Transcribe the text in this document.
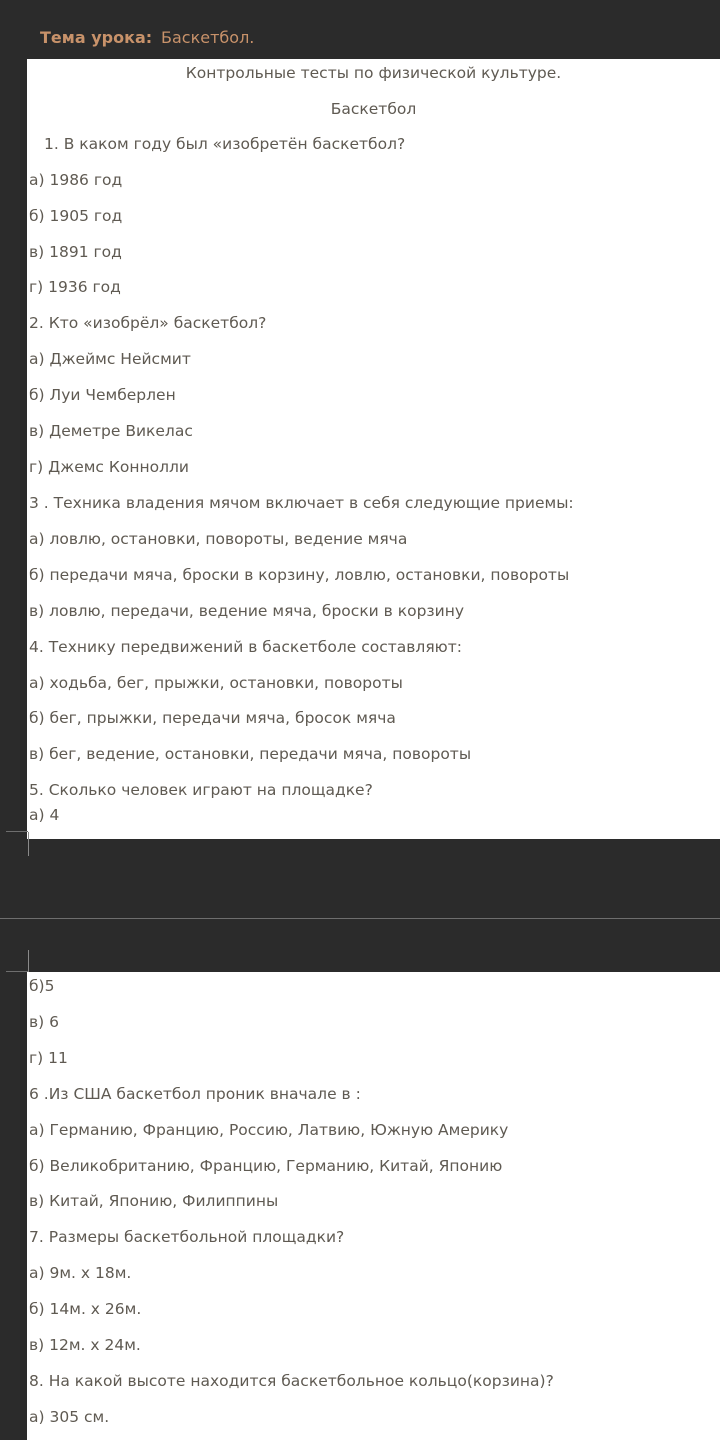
Тема урока: Баскетбол.
Контрольные тесты по физической культуре.
Баскетбол
1. В каком году был «изобретён баскетбол?
а) 1986 год
б) 1905 год
в) 1891 год
г) 1936 год
2. Кто «изобрёл» баскетбол?
а) Джеймс Нейсмит
б) Луи Чемберлен
в) Деметре Викелас
г) Джемс Коннолли
3 . Техника владения мячом включает в себя следующие приемы:
а) ловлю, остановки, повороты, ведение мяча
б) передачи мяча, броски в корзину, ловлю, остановки, повороты
в) ловлю, передачи, ведение мяча, броски в корзину
4. Технику передвижений в баскетболе составляют:
а) ходьба, бег, прыжки, остановки, повороты
б) бег, прыжки, передачи мяча, бросок мяча
в) бег, ведение, остановки, передачи мяча, повороты
5. Сколько человек играют на площадке?
а) 4
б)5
в) 6
г) 11
6 .Из США баскетбол проник вначале в :
а) Германию, Францию, Россию, Латвию, Южную Америку
б) Великобританию, Францию, Германию, Китай, Японию
в) Китай, Японию, Филиппины
7. Размеры баскетбольной площадки?
а) 9м. х 18м.
б) 14м. х 26м.
в) 12м. х 24м.
8. На какой высоте находится баскетбольное кольцо(корзина)?
а) 305 см.
